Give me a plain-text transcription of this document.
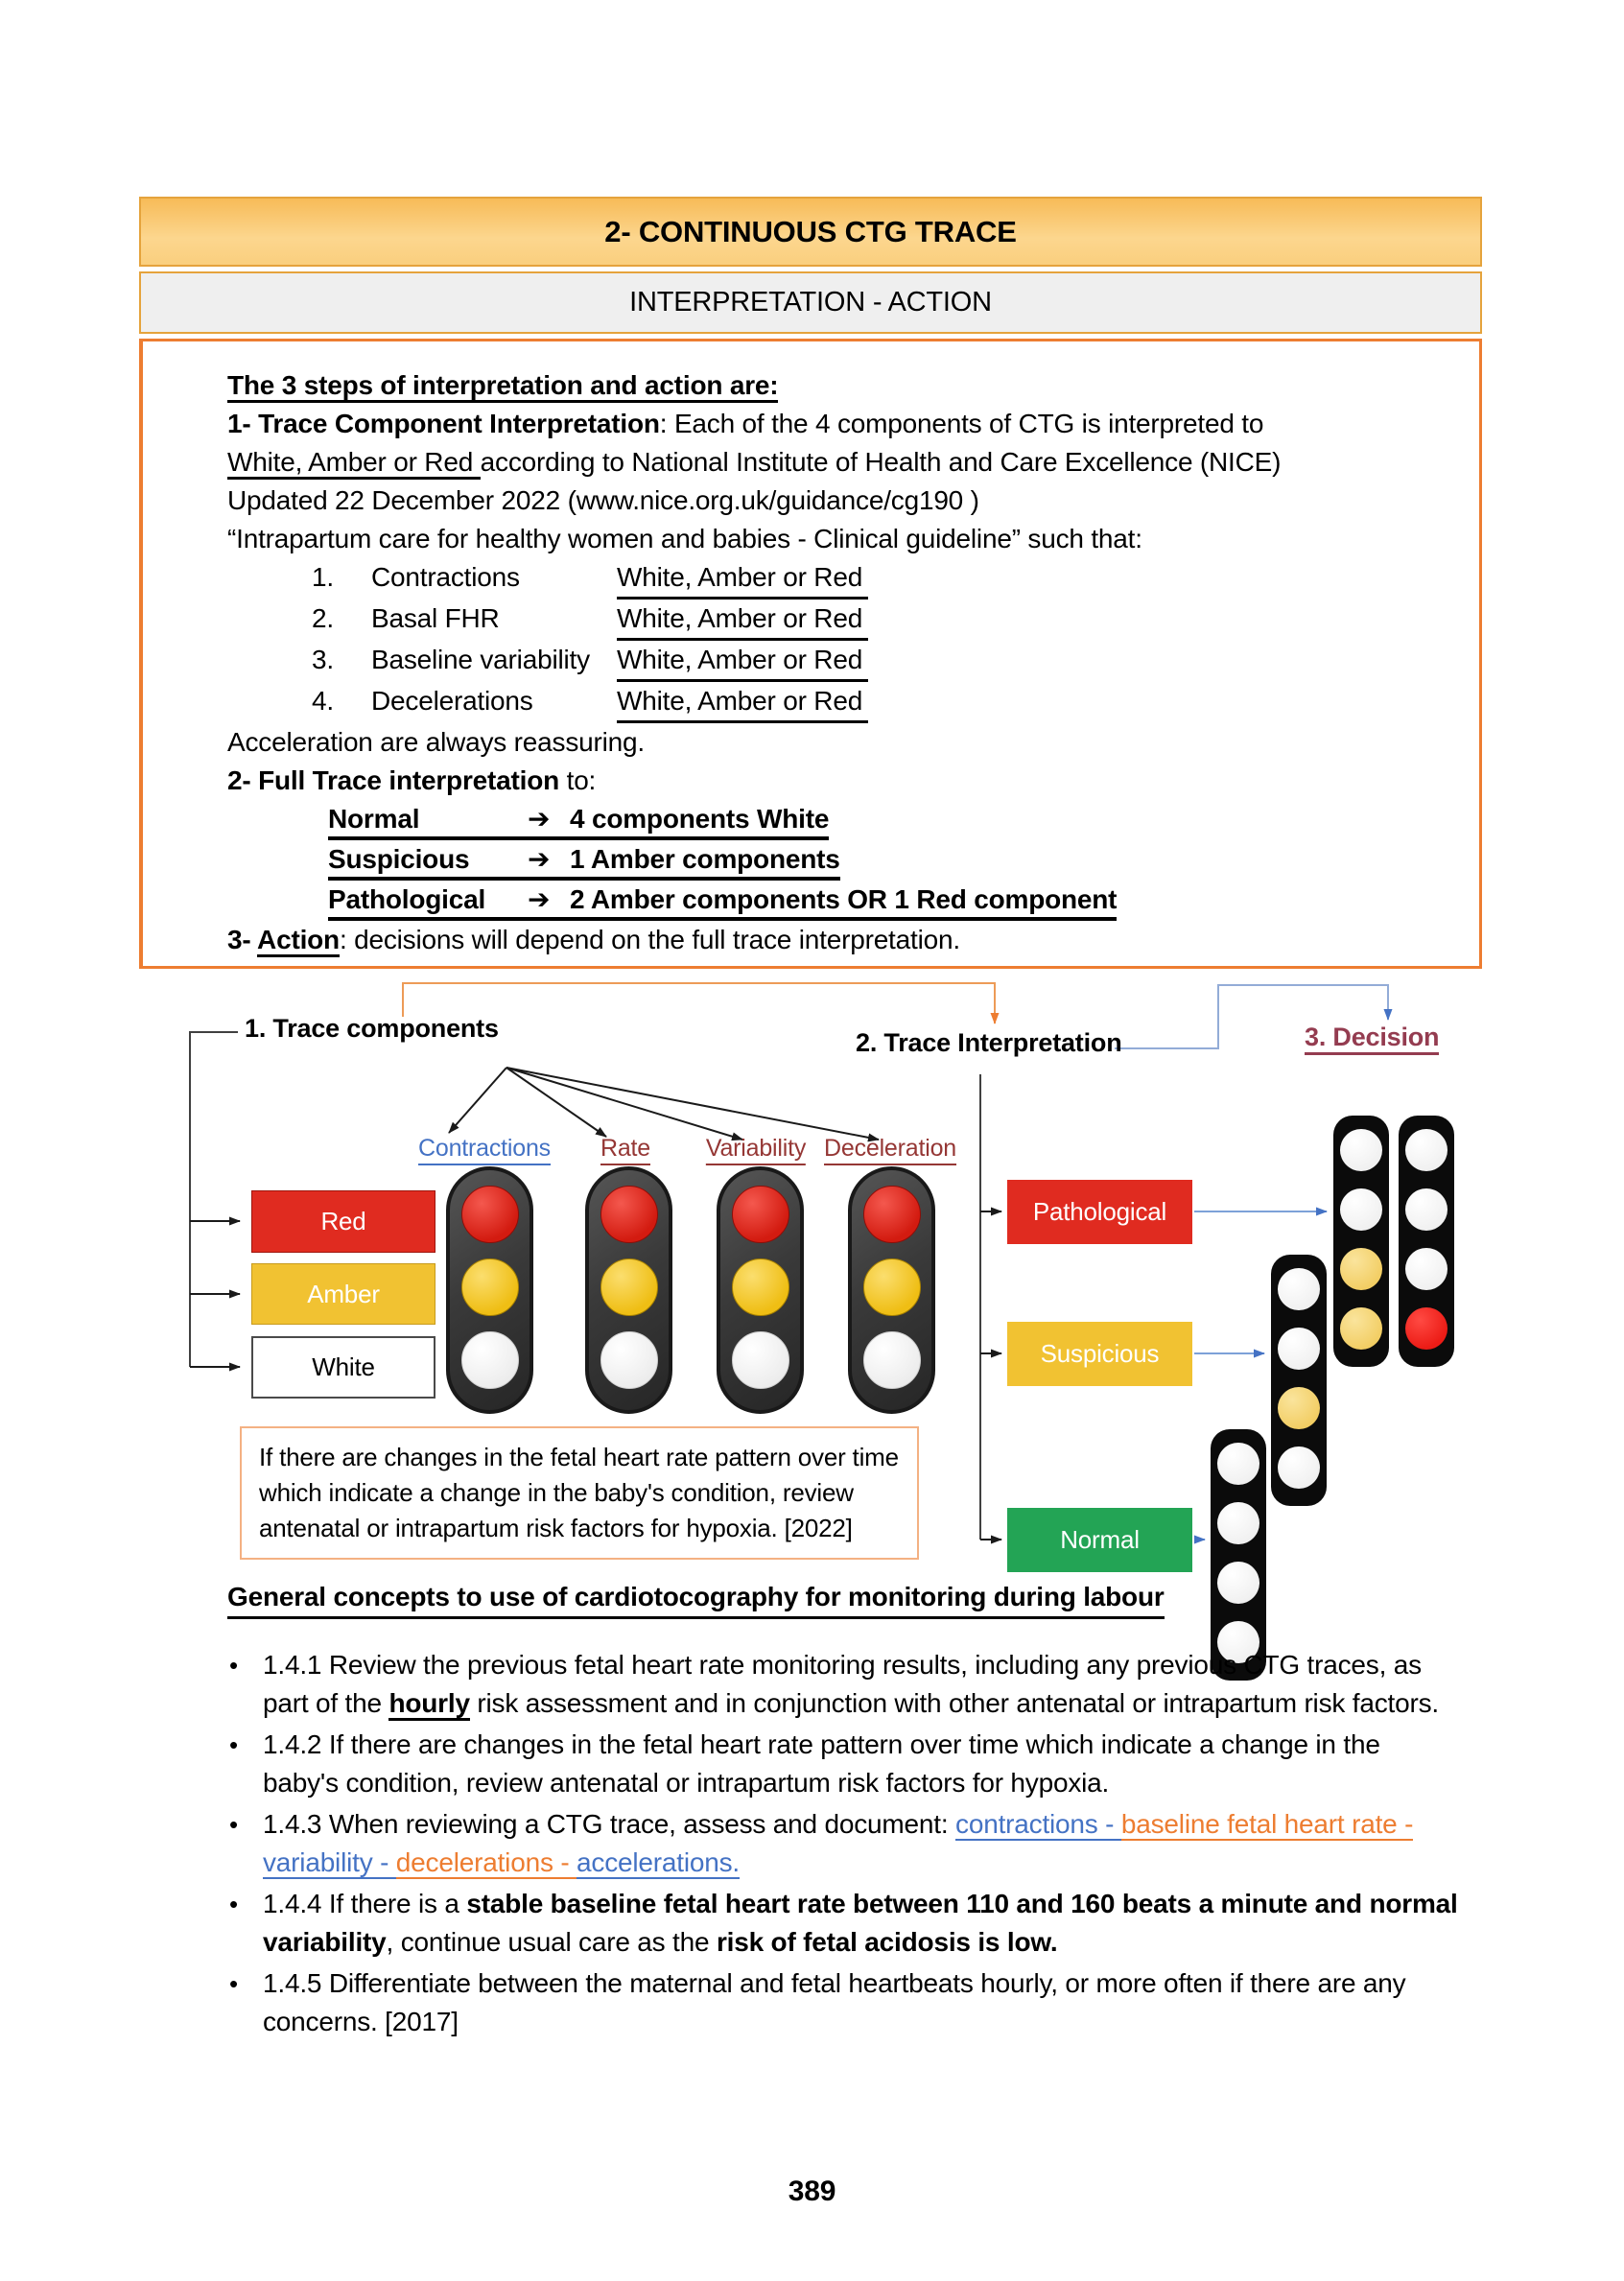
2- CONTINUOUS CTG TRACE
INTERPRETATION - ACTION
The 3 steps of interpretation and action are:
1- Trace Component Interpretation: Each of the 4 components of CTG is interpreted to
White, Amber or Red according to National Institute of Health and Care Excellence (NICE)
Updated 22 December 2022 (www.nice.org.uk/guidance/cg190 )
“Intrapartum care for healthy women and babies - Clinical guideline” such that:
1.	Contractions	White, Amber or Red
2.	Basal FHR	White, Amber or Red
3.	Baseline variability	White, Amber or Red
4.	Decelerations	White, Amber or Red
Acceleration are always reassuring.
2- Full Trace interpretation to:
Normal	➔ 4 components White
Suspicious ➔ 1 Amber components
Pathological ➔ 2 Amber components OR 1 Red component
3- Action: decisions will depend on the full trace interpretation.
1. Trace components	2. Trace Interpretation	3. Decision
Contractions Rate Variability Deceleration
Red
Amber
White
Pathological
Suspicious
Normal
If there are changes in the fetal heart rate pattern over time which indicate a change in the baby's condition, review antenatal or intrapartum risk factors for hypoxia. [2022]
General concepts to use of cardiotocography for monitoring during labour
• 1.4.1 Review the previous fetal heart rate monitoring results, including any previous CTG traces, as part of the hourly risk assessment and in conjunction with other antenatal or intrapartum risk factors.
• 1.4.2 If there are changes in the fetal heart rate pattern over time which indicate a change in the baby's condition, review antenatal or intrapartum risk factors for hypoxia.
• 1.4.3 When reviewing a CTG trace, assess and document: contractions - baseline fetal heart rate - variability - decelerations - accelerations.
• 1.4.4 If there is a stable baseline fetal heart rate between 110 and 160 beats a minute and normal variability, continue usual care as the risk of fetal acidosis is low.
• 1.4.5 Differentiate between the maternal and fetal heartbeats hourly, or more often if there are any concerns. [2017]
389
